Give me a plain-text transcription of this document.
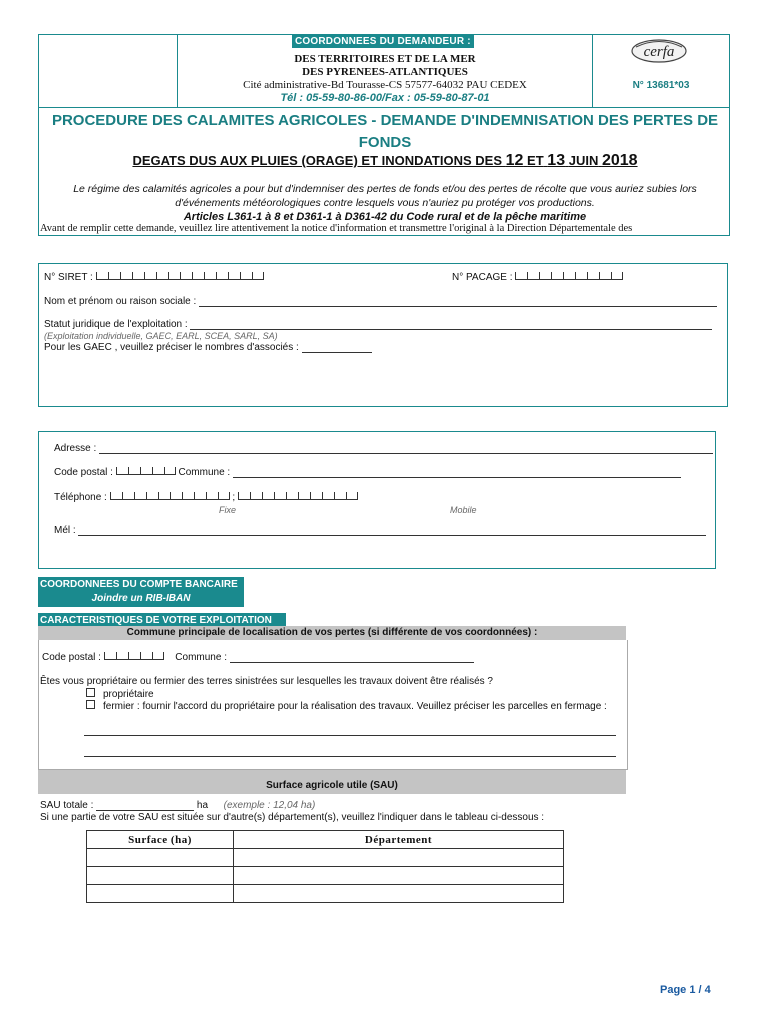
COORDONNEES DU DEMANDEUR :
DES TERRITOIRES ET DE LA MER
DES PYRENEES-ATLANTIQUES
Cité administrative-Bd Tourasse-CS 57577-64032 PAU CEDEX
Tél : 05-59-80-86-00/Fax : 05-59-80-87-01
cerfa
N° 13681*03
PROCEDURE DES CALAMITES AGRICOLES - DEMANDE D'INDEMNISATION DES PERTES DE FONDS
DEGATS DUS AUX PLUIES (ORAGE) ET INONDATIONS DES 12 ET 13 JUIN 2018
Le régime des calamités agricoles a pour but d'indemniser des pertes de fonds et/ou des pertes de récolte que vous auriez subies lors d'événements météorologiques contre lesquels vous n'auriez pu protéger vos productions.
Articles L361-1 à 8 et D361-1 à D361-42 du Code rural et de la pêche maritime
Avant de remplir cette demande, veuillez lire attentivement la notice d'information et transmettre l'original à la Direction Départementale des
N° SIRET :	N° PACAGE :
Nom et prénom ou raison sociale :
Statut juridique de l'exploitation :
(Exploitation individuelle, GAEC, EARL, SCEA, SARL, SA)
Pour les GAEC , veuillez préciser le nombres d'associés :
Adresse :
Code postal :	Commune :
Téléphone :	;
Fixe	Mobile
Mél :
COORDONNEES DU COMPTE BANCAIRE
Joindre un RIB-IBAN
CARACTERISTIQUES DE VOTRE EXPLOITATION
Commune principale de localisation de vos pertes (si différente de vos coordonnées) :
Code postal :	Commune :
Êtes vous propriétaire ou fermier des terres sinistrées sur lesquelles les travaux doivent être réalisés ?
propriétaire
fermier : fournir l'accord du propriétaire pour la réalisation des travaux. Veuillez préciser les parcelles en fermage :
Surface agricole utile (SAU)
SAU totale :	ha (exemple : 12,04 ha)
Si une partie de votre SAU est située sur d'autre(s) département(s), veuillez l'indiquer dans le tableau ci-dessous :
Surface (ha)	Département

Page 1 / 4
